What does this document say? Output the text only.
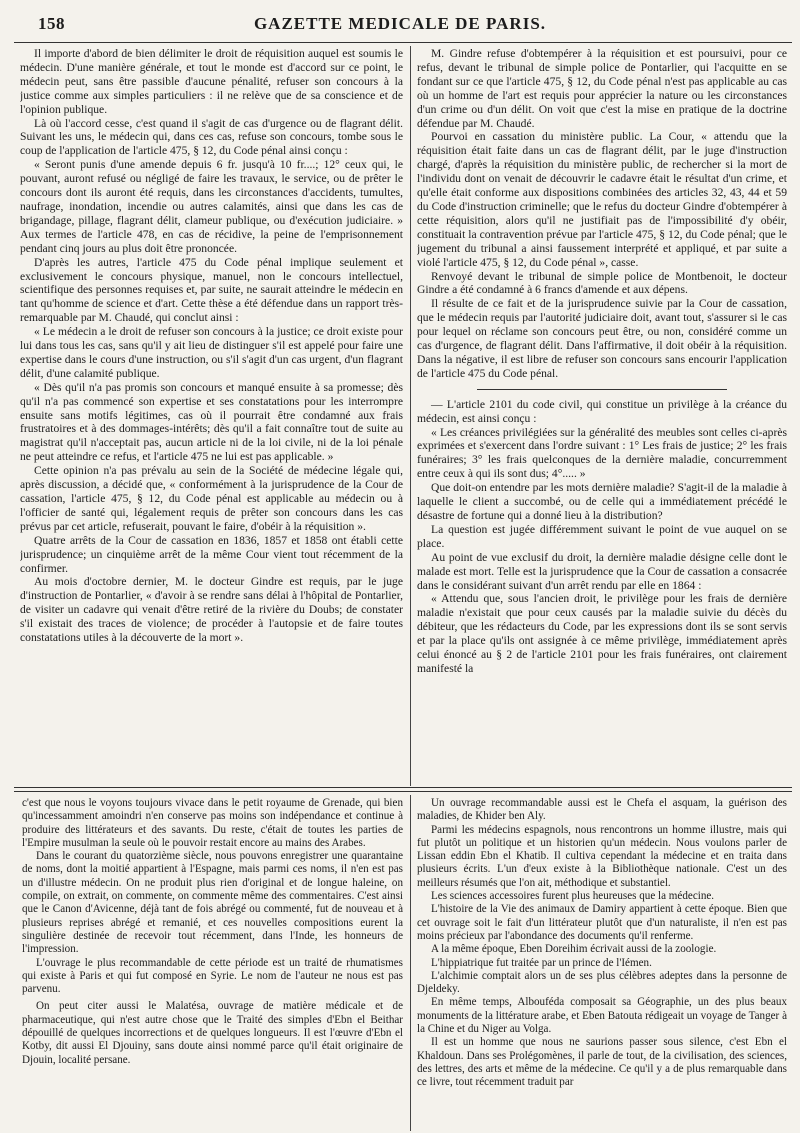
158	GAZETTE MEDICALE DE PARIS.

Il importe d'abord de bien délimiter le droit de réquisition auquel est soumis le médecin. D'une manière générale, et tout le monde est d'accord sur ce point, le médecin peut, sans être passible d'aucune pénalité, refuser son concours à la justice comme aux simples particuliers : il ne relève que de sa conscience et de l'opinion publique.

Là où l'accord cesse, c'est quand il s'agit de cas d'urgence ou de flagrant délit. Suivant les uns, le médecin qui, dans ces cas, refuse son concours, tombe sous le coup de l'application de l'article 475, § 12, du Code pénal ainsi conçu :

« Seront punis d'une amende depuis 6 fr. jusqu'à 10 fr....; 12° ceux qui, le pouvant, auront refusé ou négligé de faire les travaux, le service, ou de prêter le concours dont ils auront été requis, dans les circonstances d'accidents, tumultes, naufrage, inondation, incendie ou autres calamités, ainsi que dans les cas de brigandage, pillage, flagrant délit, clameur publique, ou d'exécution judiciaire. » Aux termes de l'article 478, en cas de récidive, la peine de l'emprisonnement pendant cinq jours au plus doit être prononcée.

D'après les autres, l'article 475 du Code pénal implique seulement et exclusivement le concours physique, manuel, non le concours intellectuel, scientifique des personnes requises et, par suite, ne saurait atteindre le médecin en tant qu'homme de science et d'art. Cette thèse a été défendue dans un rapport très-remarquable par M. Chaudé, qui conclut ainsi :

« Le médecin a le droit de refuser son concours à la justice; ce droit existe pour lui dans tous les cas, sans qu'il y ait lieu de distinguer s'il est appelé pour faire une expertise dans le cours d'une instruction, ou s'il s'agit d'un cas urgent, d'un flagrant délit, d'une calamité publique.

« Dès qu'il n'a pas promis son concours et manqué ensuite à sa promesse; dès qu'il n'a pas commencé son expertise et ses constatations pour les interrompre ensuite sans motifs légitimes, cas où il pourrait être condamné aux frais frustratoires et à des dommages-intérêts; dès qu'il a fait connaître tout de suite au magistrat qu'il n'acceptait pas, aucun article ni de la loi civile, ni de la loi pénale ne peut atteindre ce refus, et l'article 475 ne lui est pas applicable. »

Cette opinion n'a pas prévalu au sein de la Société de médecine légale qui, après discussion, a décidé que, « conformément à la jurisprudence de la Cour de cassation, l'article 475, § 12, du Code pénal est applicable au médecin ou à l'officier de santé qui, légalement requis de prêter son concours dans les cas prévus par cet article, refuserait, pouvant le faire, d'obéir à la réquisition ».

Quatre arrêts de la Cour de cassation en 1836, 1857 et 1858 ont établi cette jurisprudence; un cinquième arrêt de la même Cour vient tout récemment de la confirmer.

Au mois d'octobre dernier, M. le docteur Gindre est requis, par le juge d'instruction de Pontarlier, « d'avoir à se rendre sans délai à l'hôpital de Pontarlier, de visiter un cadavre qui venait d'être retiré de la rivière du Doubs; de constater s'il existait des traces de violence; de procéder à l'autopsie et de faire toutes constatations utiles à la découverte de la mort ».

M. Gindre refuse d'obtempérer à la réquisition et est poursuivi, pour ce refus, devant le tribunal de simple police de Pontarlier, qui l'acquitte en se fondant sur ce que l'article 475, § 12, du Code pénal n'est pas applicable au cas où un homme de l'art est requis pour apprécier la nature ou les circonstances d'un crime ou d'un délit. On voit que c'est la mise en pratique de la doctrine défendue par M. Chaudé.

Pourvoi en cassation du ministère public. La Cour, « attendu que la réquisition était faite dans un cas de flagrant délit, par le juge d'instruction chargé, d'après la réquisition du ministère public, de rechercher si la mort de l'individu dont on venait de découvrir le cadavre était le résultat d'un crime, et qu'elle était conforme aux dispositions combinées des articles 32, 43, 44 et 59 du Code d'instruction criminelle; que le refus du docteur Gindre d'obtempérer à cette réquisition, alors qu'il ne justifiait pas de l'impossibilité d'y obéir, constituait la contravention prévue par l'article 475, § 12, du Code pénal; que le jugement du tribunal a ainsi faussement interprété et appliqué, et par suite a violé l'article 475, § 12, du Code pénal », casse.

Renvoyé devant le tribunal de simple police de Montbenoit, le docteur Gindre a été condamné à 6 francs d'amende et aux dépens.

Il résulte de ce fait et de la jurisprudence suivie par la Cour de cassation, que le médecin requis par l'autorité judiciaire doit, avant tout, s'assurer si le cas pour lequel on réclame son concours peut être, ou non, considéré comme un cas d'urgence, de flagrant délit. Dans l'affirmative, il doit obéir à la réquisition. Dans la négative, il est libre de refuser son concours sans encourir l'application de l'article 475 du Code pénal.

— L'article 2101 du code civil, qui constitue un privilège à la créance du médecin, est ainsi conçu :

« Les créances privilégiées sur la généralité des meubles sont celles ci-après exprimées et s'exercent dans l'ordre suivant : 1° Les frais de justice; 2° les frais funéraires; 3° les frais quelconques de la dernière maladie, concurremment entre ceux à qui ils sont dus; 4°..... »

Que doit-on entendre par les mots dernière maladie? S'agit-il de la maladie à laquelle le client a succombé, ou de celle qui a immédiatement précédé le désastre de fortune qui a donné lieu à la distribution?

La question est jugée différemment suivant le point de vue auquel on se place.

Au point de vue exclusif du droit, la dernière maladie désigne celle dont le malade est mort. Telle est la jurisprudence que la Cour de cassation a consacrée dans le considérant suivant d'un arrêt rendu par elle en 1864 :

« Attendu que, sous l'ancien droit, le privilège pour les frais de dernière maladie n'existait que pour ceux causés par la maladie suivie du décès du débiteur, que les rédacteurs du Code, par les expressions dont ils se sont servis et par la place qu'ils ont assignée à ce même privilège, immédiatement après celui énoncé au § 2 de l'article 2101 pour les frais funéraires, ont clairement manifesté la

c'est que nous le voyons toujours vivace dans le petit royaume de Grenade, qui bien qu'incessamment amoindri n'en conserve pas moins son indépendance et continue à produire des littérateurs et des savants. Du reste, c'était de toutes les parties de l'Empire musulman la seule où le pouvoir restait encore au mains des Arabes.

Dans le courant du quatorzième siècle, nous pouvons enregistrer une quarantaine de noms, dont la moitié appartient à l'Espagne, mais parmi ces noms, il n'en est pas un d'illustre médecin. On ne produit plus rien d'original et de longue haleine, on compile, on extrait, on commente, on commente même des commentaires. C'est ainsi que le Canon d'Avicenne, déjà tant de fois abrégé ou commenté, fut de nouveau et à plusieurs reprises abrégé et remanié, et ces nouvelles compositions eurent la singulière destinée de recevoir tout récemment, dans l'Inde, les honneurs de l'impression.

L'ouvrage le plus recommandable de cette période est un traité de rhumatismes qui existe à Paris et qui fut composé en Syrie. Le nom de l'auteur ne nous est pas parvenu.

On peut citer aussi le Malatésa, ouvrage de matière médicale et de pharmaceutique, qui n'est autre chose que le Traité des simples d'Ebn el Beithar dépouillé de quelques incorrections et de quelques longueurs. Il est l'œuvre d'Ebn el Kotby, dit aussi El Djouiny, sans doute ainsi nommé parce qu'il était originaire de Djouin, localité persane.

Un ouvrage recommandable aussi est le Chefa el asquam, la guérison des maladies, de Khider ben Aly.

Parmi les médecins espagnols, nous rencontrons un homme illustre, mais qui fut plutôt un politique et un historien qu'un médecin. Nous voulons parler de Lissan eddin Ebn el Khatib. Il cultiva cependant la médecine et en traita dans plusieurs écrits. L'un d'eux existe à la Bibliothèque nationale. C'est un des meilleurs résumés que l'on ait, méthodique et substantiel.

Les sciences accessoires furent plus heureuses que la médecine.

L'histoire de la Vie des animaux de Damiry appartient à cette époque. Bien que cet ouvrage soit le fait d'un littérateur plutôt que d'un naturaliste, il n'en est pas moins précieux par l'abondance des documents qu'il renferme.

A la même époque, Eben Doreihim écrivait aussi de la zoologie.

L'hippiatrique fut traitée par un prince de l'Iémen.

L'alchimie comptait alors un de ses plus célèbres adeptes dans la personne de Djeldeky.

En même temps, Albouféda composait sa Géographie, un des plus beaux monuments de la littérature arabe, et Eben Batouta rédigeait un voyage de Tanger à la Chine et du Niger au Volga.

Il est un homme que nous ne saurions passer sous silence, c'est Ebn el Khaldoun. Dans ses Prolégomènes, il parle de tout, de la civilisation, des sciences, des lettres, des arts et même de la médecine. Ce qu'il y a de plus remarquable dans ce livre, tout récemment traduit par
